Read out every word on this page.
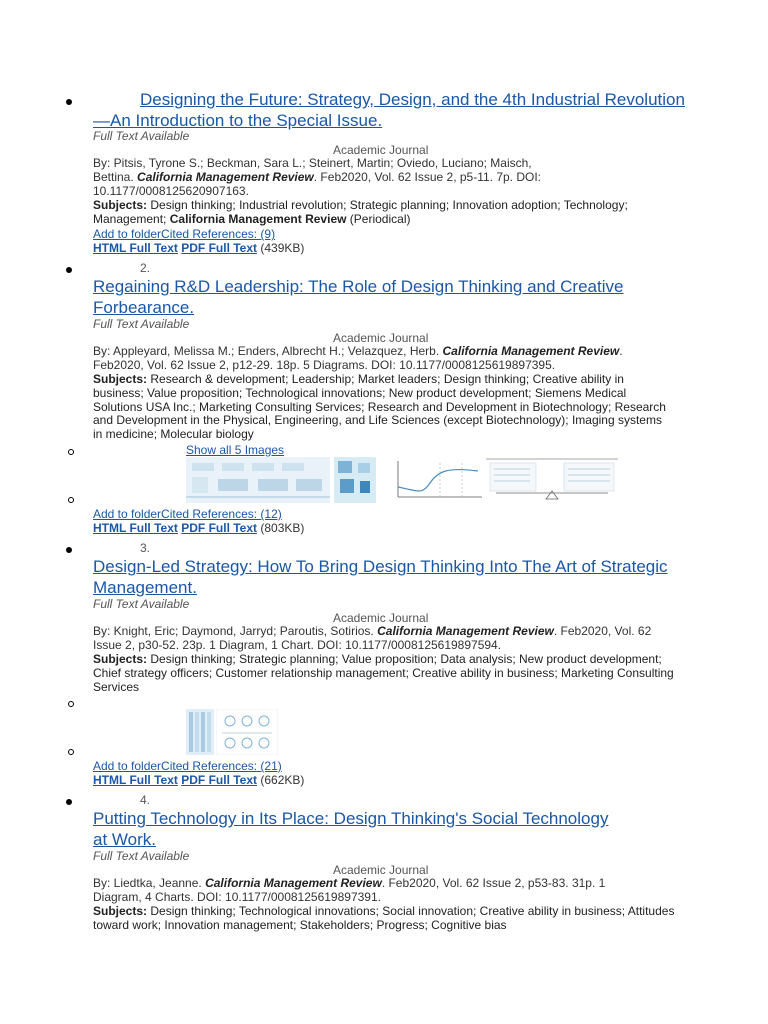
Designing the Future: Strategy, Design, and the 4th Industrial Revolution—An Introduction to the Special Issue.
Full Text Available
Academic Journal
By: Pitsis, Tyrone S.; Beckman, Sara L.; Steinert, Martin; Oviedo, Luciano; Maisch, Bettina. California Management Review. Feb2020, Vol. 62 Issue 2, p5-11. 7p. DOI: 10.1177/0008125620907163.
Subjects: Design thinking; Industrial revolution; Strategic planning; Innovation adoption; Technology; Management; California Management Review (Periodical)
Add to folderCited References: (9)
HTML Full Text PDF Full Text (439KB)
2.
Regaining R&D Leadership: The Role of Design Thinking and Creative Forbearance.
Full Text Available
Academic Journal
By: Appleyard, Melissa M.; Enders, Albrecht H.; Velazquez, Herb. California Management Review. Feb2020, Vol. 62 Issue 2, p12-29. 18p. 5 Diagrams. DOI: 10.1177/0008125619897395.
Subjects: Research & development; Leadership; Market leaders; Design thinking; Creative ability in business; Value proposition; Technological innovations; New product development; Siemens Medical Solutions USA Inc.; Marketing Consulting Services; Research and Development in Biotechnology; Research and Development in the Physical, Engineering, and Life Sciences (except Biotechnology); Imaging systems in medicine; Molecular biology
Show all 5 Images
Add to folderCited References: (12)
HTML Full Text PDF Full Text (803KB)
3.
Design-Led Strategy: How To Bring Design Thinking Into The Art of Strategic Management.
Full Text Available
Academic Journal
By: Knight, Eric; Daymond, Jarryd; Paroutis, Sotirios. California Management Review. Feb2020, Vol. 62 Issue 2, p30-52. 23p. 1 Diagram, 1 Chart. DOI: 10.1177/0008125619897594.
Subjects: Design thinking; Strategic planning; Value proposition; Data analysis; New product development; Chief strategy officers; Customer relationship management; Creative ability in business; Marketing Consulting Services
Add to folderCited References: (21)
HTML Full Text PDF Full Text (662KB)
4.
Putting Technology in Its Place: Design Thinking's Social Technology at Work.
Full Text Available
Academic Journal
By: Liedtka, Jeanne. California Management Review. Feb2020, Vol. 62 Issue 2, p53-83. 31p. 1 Diagram, 4 Charts. DOI: 10.1177/0008125619897391.
Subjects: Design thinking; Technological innovations; Social innovation; Creative ability in business; Attitudes toward work; Innovation management; Stakeholders; Progress; Cognitive bias
